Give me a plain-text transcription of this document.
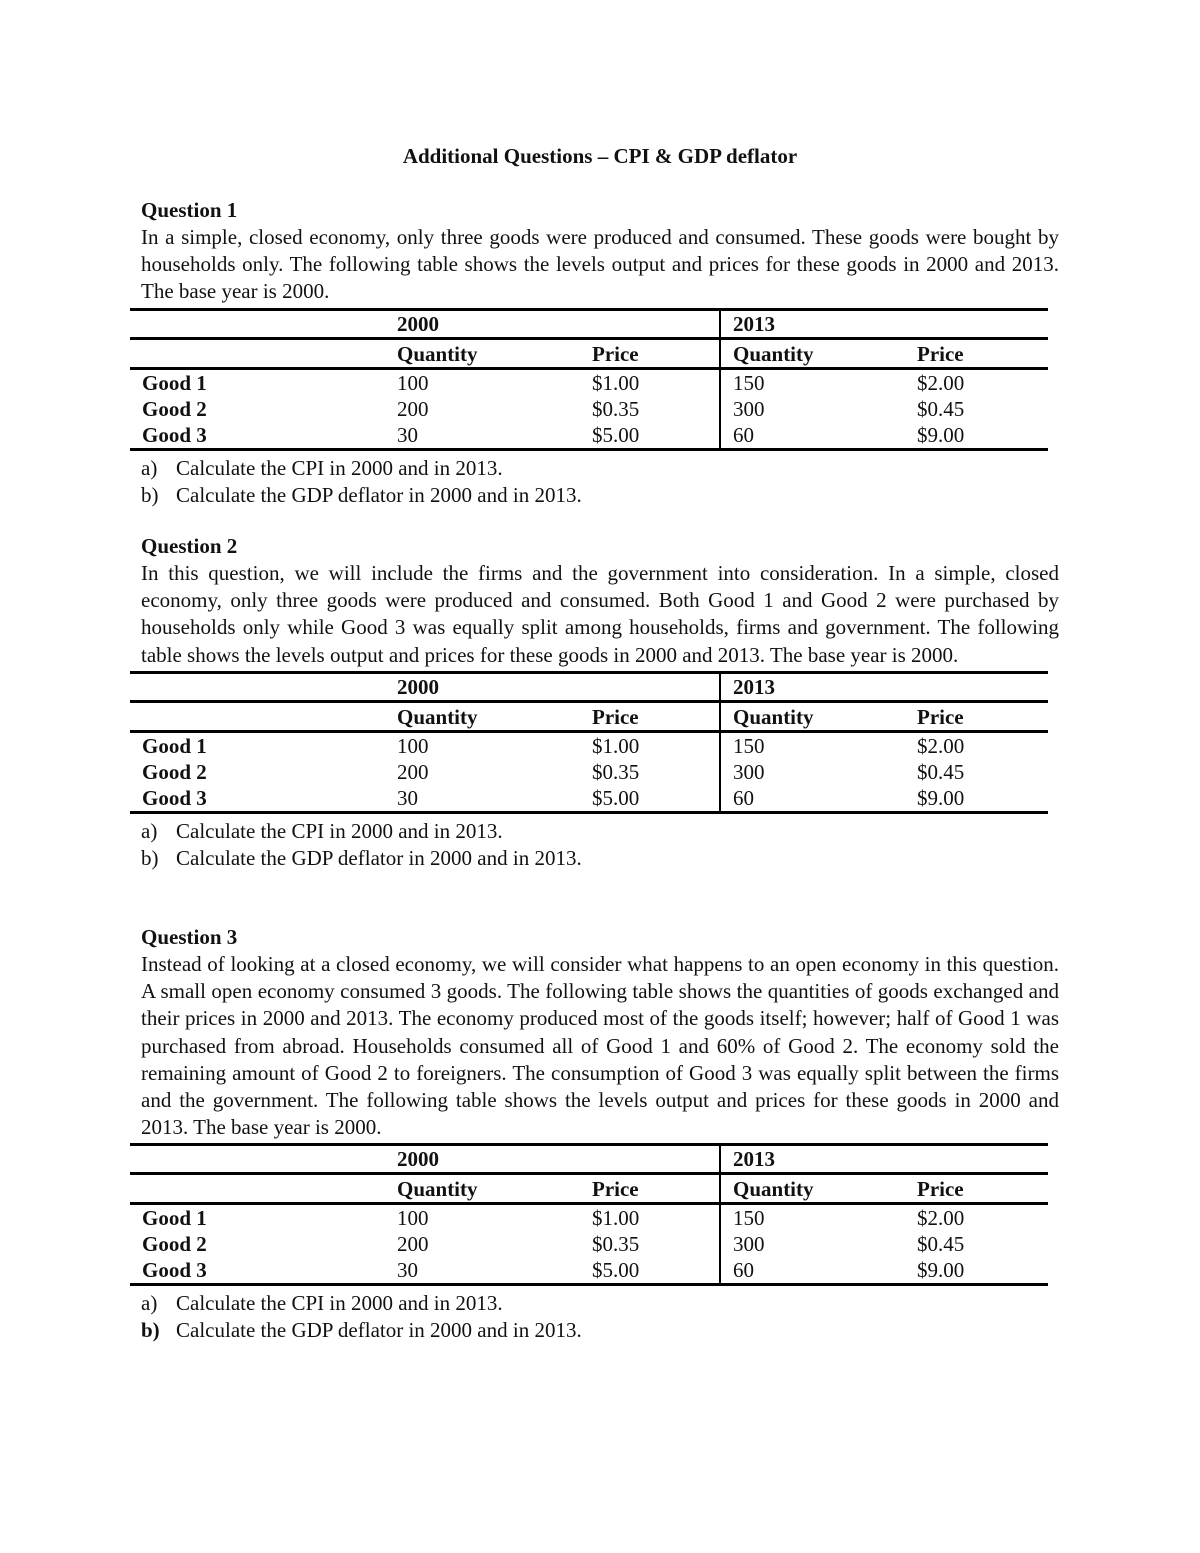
Additional Questions – CPI & GDP deflator
Question 1

In a simple, closed economy, only three goods were produced and consumed. These goods were bought by households only. The following table shows the levels output and prices for these goods in 2000 and 2013. The base year is 2000.

	2000		2013	
	Quantity	Price	Quantity	Price
Good 1	100	$1.00	150	$2.00
Good 2	200	$0.35	300	$0.45
Good 3	30	$5.00	60	$9.00
a) Calculate the CPI in 2000 and in 2013.
b) Calculate the GDP deflator in 2000 and in 2013.
Question 2

In this question, we will include the firms and the government into consideration. In a simple, closed economy, only three goods were produced and consumed. Both Good 1 and Good 2 were purchased by households only while Good 3 was equally split among households, firms and government. The following table shows the levels output and prices for these goods in 2000 and 2013. The base year is 2000.

	2000		2013	
	Quantity	Price	Quantity	Price
Good 1	100	$1.00	150	$2.00
Good 2	200	$0.35	300	$0.45
Good 3	30	$5.00	60	$9.00
a) Calculate the CPI in 2000 and in 2013.
b) Calculate the GDP deflator in 2000 and in 2013.
Question 3

Instead of looking at a closed economy, we will consider what happens to an open economy in this question. A small open economy consumed 3 goods. The following table shows the quantities of goods exchanged and their prices in 2000 and 2013. The economy produced most of the goods itself; however; half of Good 1 was purchased from abroad. Households consumed all of Good 1 and 60% of Good 2. The economy sold the remaining amount of Good 2 to foreigners. The consumption of Good 3 was equally split between the firms and the government. The following table shows the levels output and prices for these goods in 2000 and 2013. The base year is 2000.

	2000		2013	
	Quantity	Price	Quantity	Price
Good 1	100	$1.00	150	$2.00
Good 2	200	$0.35	300	$0.45
Good 3	30	$5.00	60	$9.00
a) Calculate the CPI in 2000 and in 2013.
b) Calculate the GDP deflator in 2000 and in 2013.
